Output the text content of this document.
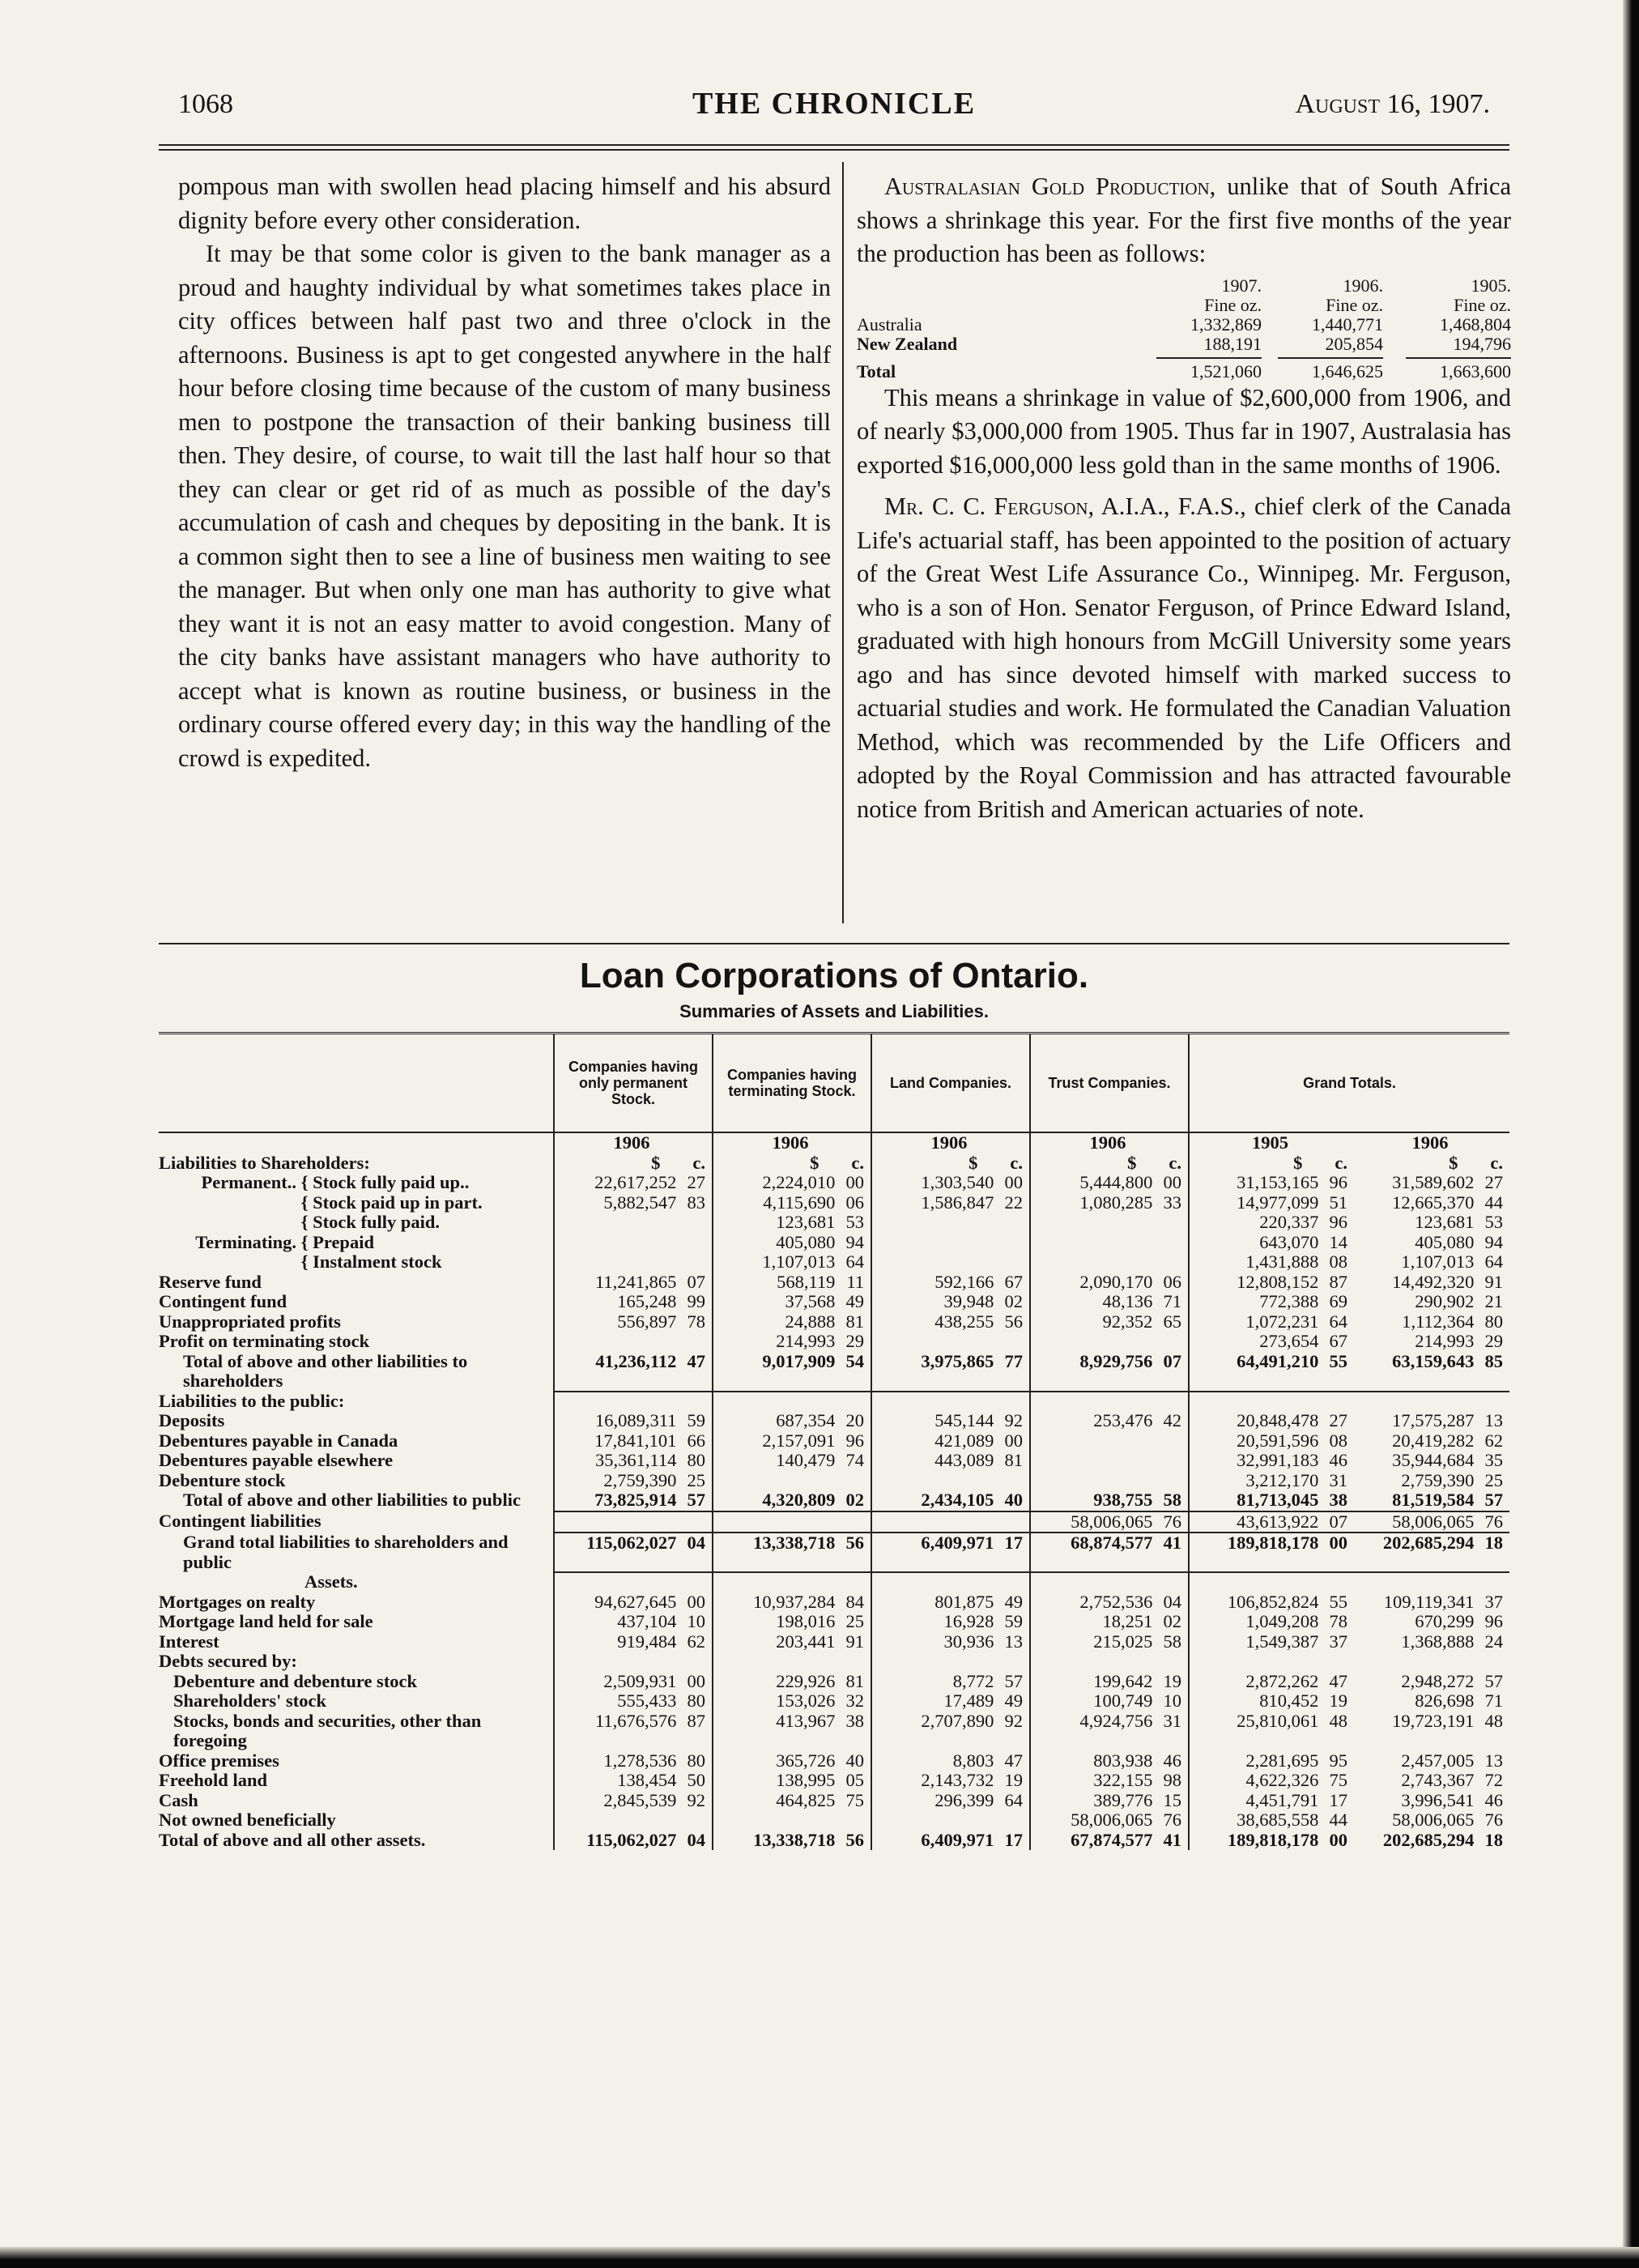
1068	THE CHRONICLE	August 16, 1907.

pompous man with swollen head placing himself and his absurd dignity before every other consideration.

It may be that some color is given to the bank manager as a proud and haughty individual by what sometimes takes place in city offices between half past two and three o'clock in the afternoons. Business is apt to get congested anywhere in the half hour before closing time because of the custom of many business men to postpone the transaction of their banking business till then. They desire, of course, to wait till the last half hour so that they can clear or get rid of as much as possible of the day's accumulation of cash and cheques by depositing in the bank. It is a common sight then to see a line of business men waiting to see the manager. But when only one man has authority to give what they want it is not an easy matter to avoid congestion. Many of the city banks have assistant managers who have authority to accept what is known as routine business, or business in the ordinary course offered every day; in this way the handling of the crowd is expedited.

Australasian Gold Production, unlike that of South Africa shows a shrinkage this year. For the first five months of the year the production has been as follows:

1907.	1906.	1905.
Fine oz.	Fine oz.	Fine oz.
Australia	1,332,869	1,440,771	1,468,804
New Zealand	188,191	205,854	194,796
Total	1,521,060	1,646,625	1,663,600

This means a shrinkage in value of $2,600,000 from 1906, and of nearly $3,000,000 from 1905. Thus far in 1907, Australasia has exported $16,000,000 less gold than in the same months of 1906.

Mr. C. C. Ferguson, A.I.A., F.A.S., chief clerk of the Canada Life's actuarial staff, has been appointed to the position of actuary of the Great West Life Assurance Co., Winnipeg. Mr. Ferguson, who is a son of Hon. Senator Ferguson, of Prince Edward Island, graduated with high honours from McGill University some years ago and has since devoted himself with marked success to actuarial studies and work. He formulated the Canadian Valuation Method, which was recommended by the Life Officers and adopted by the Royal Commission and has attracted favourable notice from British and American actuaries of note.

Loan Corporations of Ontario.
Summaries of Assets and Liabilities.
	Companies having only permanent Stock.	Companies having terminating Stock.	Land Companies.	Trust Companies.	Grand Totals.	
	1906	1906	1906	1906	1905	1906
Liabilities to Shareholders:	$ c.	$ c.	$ c.	$ c.	$ c.	$ c.
Permanent.. { Stock fully paid up..	22,617,252 27	2,224,010 00	1,303,540 00	5,444,800 00	31,153,165 96	31,589,602 27
{ Stock paid up in part.	5,882,547 83	4,115,690 06	1,586,847 22	1,080,285 33	14,977,099 51	12,665,370 44
{ Stock fully paid.		123,681 53			220,337 96	123,681 53
Terminating. { Prepaid		405,080 94			643,070 14	405,080 94
{ Instalment stock		1,107,013 64			1,431,888 08	1,107,013 64
Reserve fund	11,241,865 07	568,119 11	592,166 67	2,090,170 06	12,808,152 87	14,492,320 91
Contingent fund	165,248 99	37,568 49	39,948 02	48,136 71	772,388 69	290,902 21
Unappropriated profits	556,897 78	24,888 81	438,255 56	92,352 65	1,072,231 64	1,112,364 80
Profit on terminating stock		214,993 29			273,654 67	214,993 29
Total of above and other liabilities to shareholders	41,236,112 47	9,017,909 54	3,975,865 77	8,929,756 07	64,491,210 55	63,159,643 85
Liabilities to the public:						
Deposits	16,089,311 59	687,354 20	545,144 92	253,476 42	20,848,478 27	17,575,287 13
Debentures payable in Canada	17,841,101 66	2,157,091 96	421,089 00		20,591,596 08	20,419,282 62
Debentures payable elsewhere	35,361,114 80	140,479 74	443,089 81		32,991,183 46	35,944,684 35
Debenture stock	2,759,390 25				3,212,170 31	2,759,390 25
Total of above and other liabilities to public	73,825,914 57	4,320,809 02	2,434,105 40	938,755 58	81,713,045 38	81,519,584 57
Contingent liabilities				58,006,065 76	43,613,922 07	58,006,065 76
Grand total liabilities to shareholders and public	115,062,027 04	13,338,718 56	6,409,971 17	68,874,577 41	189,818,178 00	202,685,294 18
Assets.						
Mortgages on realty	94,627,645 00	10,937,284 84	801,875 49	2,752,536 04	106,852,824 55	109,119,341 37
Mortgage land held for sale	437,104 10	198,016 25	16,928 59	18,251 02	1,049,208 78	670,299 96
Interest	919,484 62	203,441 91	30,936 13	215,025 58	1,549,387 37	1,368,888 24
Debts secured by:						
Debenture and debenture stock	2,509,931 00	229,926 81	8,772 57	199,642 19	2,872,262 47	2,948,272 57
Shareholders' stock	555,433 80	153,026 32	17,489 49	100,749 10	810,452 19	826,698 71
Stocks, bonds and securities, other than foregoing	11,676,576 87	413,967 38	2,707,890 92	4,924,756 31	25,810,061 48	19,723,191 48
Office premises	1,278,536 80	365,726 40	8,803 47	803,938 46	2,281,695 95	2,457,005 13
Freehold land	138,454 50	138,995 05	2,143,732 19	322,155 98	4,622,326 75	2,743,367 72
Cash	2,845,539 92	464,825 75	296,399 64	389,776 15	4,451,791 17	3,996,541 46
Not owned beneficially				58,006,065 76	38,685,558 44	58,006,065 76
Total of above and all other assets.	115,062,027 04	13,338,718 56	6,409,971 17	67,874,577 41	189,818,178 00	202,685,294 18
